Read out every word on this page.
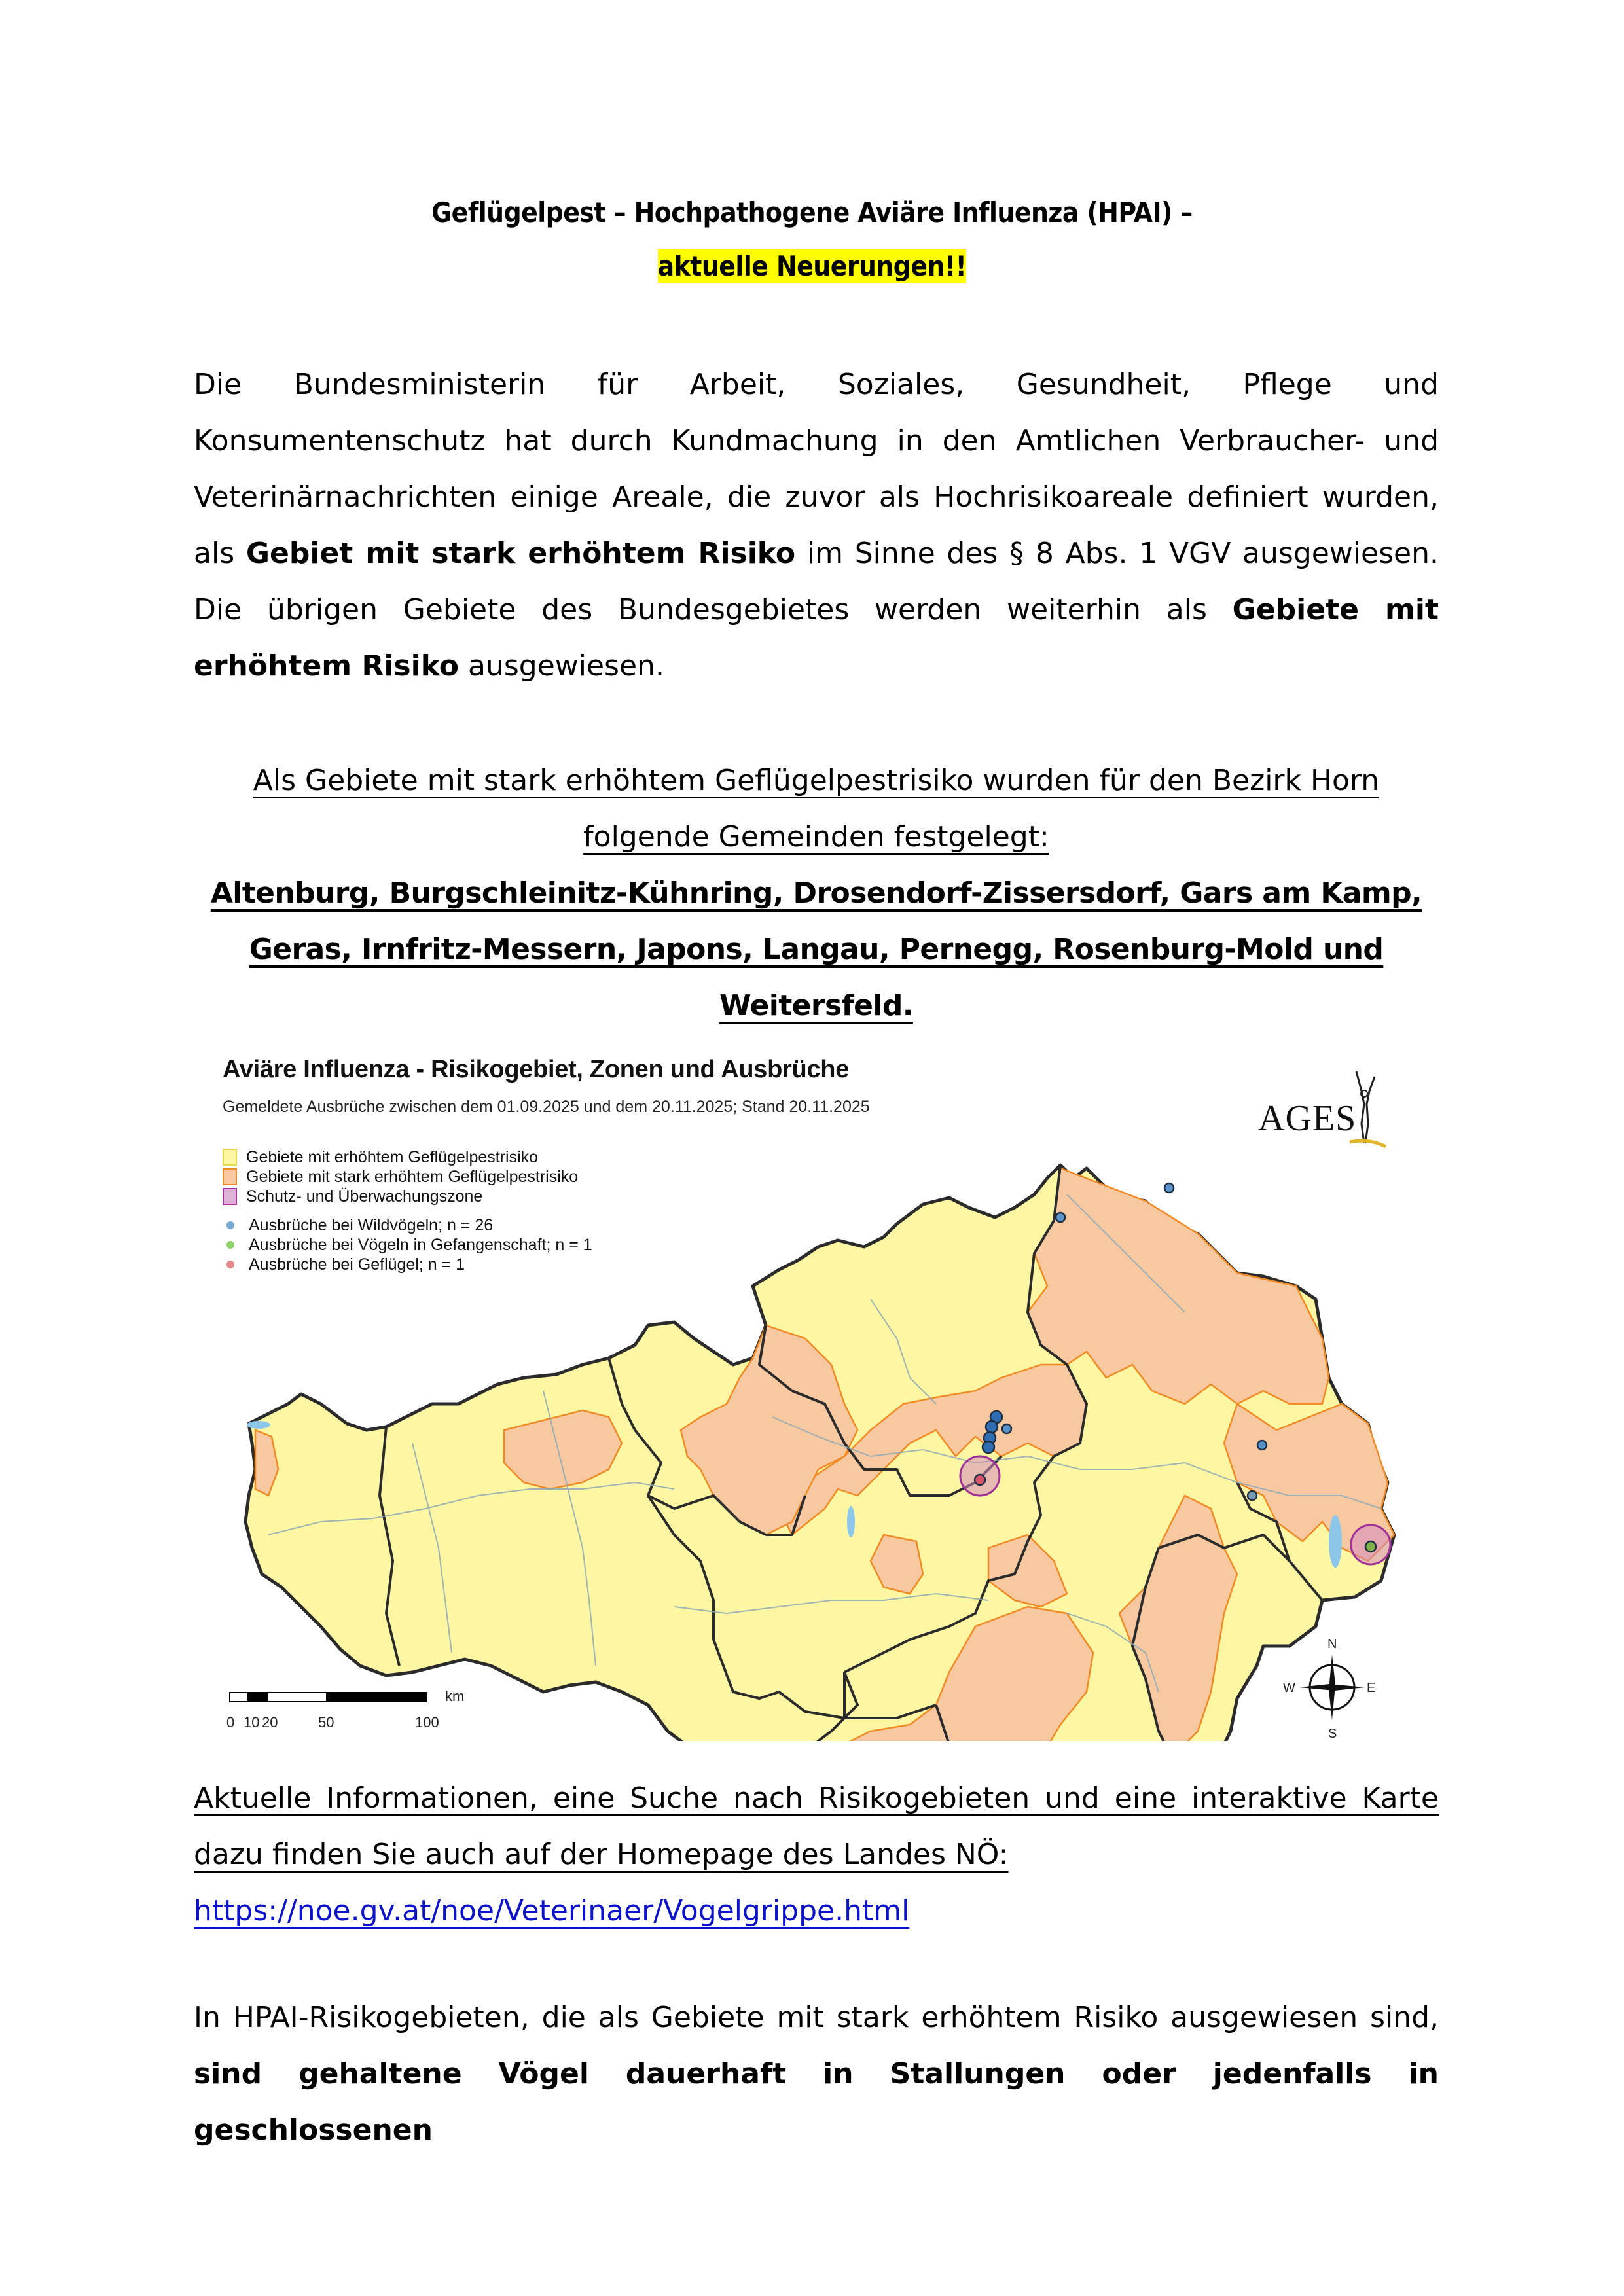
Geflügelpest – Hochpathogene Aviäre Influenza (HPAI) –
aktuelle Neuerungen!!
Die Bundesministerin für Arbeit, Soziales, Gesundheit, Pflege und Konsumentenschutz hat durch Kundmachung in den Amtlichen Verbraucher- und Veterinärnachrichten einige Areale, die zuvor als Hochrisikoareale definiert wurden, als Gebiet mit stark erhöhtem Risiko im Sinne des § 8 Abs. 1 VGV ausgewiesen. Die übrigen Gebiete des Bundesgebietes werden weiterhin als Gebiete mit erhöhtem Risiko ausgewiesen.
Als Gebiete mit stark erhöhtem Geflügelpestrisiko wurden für den Bezirk Horn folgende Gemeinden festgelegt:
Altenburg, Burgschleinitz-Kühnring, Drosendorf-Zissersdorf, Gars am Kamp, Geras, Irnfritz-Messern, Japons, Langau, Pernegg, Rosenburg-Mold und Weitersfeld.
Aviäre Influenza - Risikogebiet, Zonen und Ausbrüche
Gemeldete Ausbrüche zwischen dem 01.09.2025 und dem 20.11.2025; Stand 20.11.2025
Gebiete mit erhöhtem Geflügelpestrisiko
Gebiete mit stark erhöhtem Geflügelpestrisiko
Schutz- und Überwachungszone
Ausbrüche bei Wildvögeln; n = 26
Ausbrüche bei Vögeln in Gefangenschaft; n = 1
Ausbrüche bei Geflügel; n = 1
AGES
km
0 10 20	50	100
N
E
S
W
Aktuelle Informationen, eine Suche nach Risikogebieten und eine interaktive Karte dazu finden Sie auch auf der Homepage des Landes NÖ:
https://noe.gv.at/noe/Veterinaer/Vogelgrippe.html
In HPAI-Risikogebieten, die als Gebiete mit stark erhöhtem Risiko ausgewiesen sind, sind gehaltene Vögel dauerhaft in Stallungen oder jedenfalls in geschlossenen
